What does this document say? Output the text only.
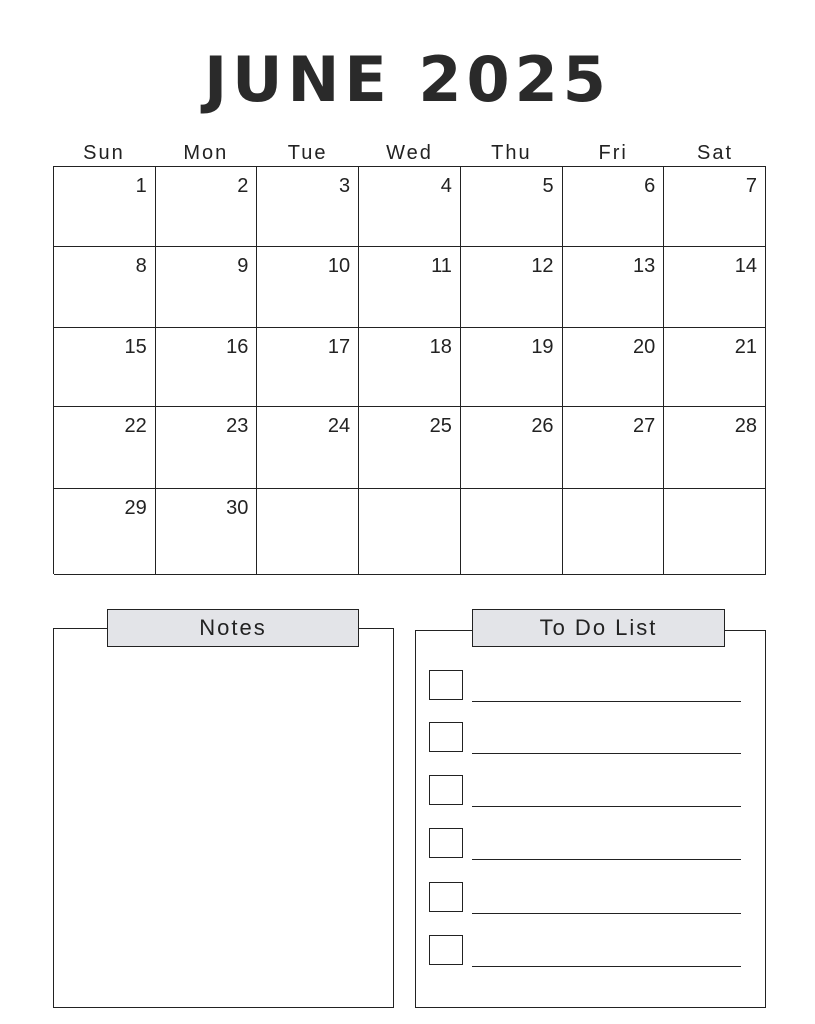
JUNE 2025
Sun	Mon	Tue	Wed	Thu	Fri	Sat
1	2	3	4	5	6	7
8	9	10	11	12	13	14
15	16	17	18	19	20	21
22	23	24	25	26	27	28
29	30
Notes	To Do List
